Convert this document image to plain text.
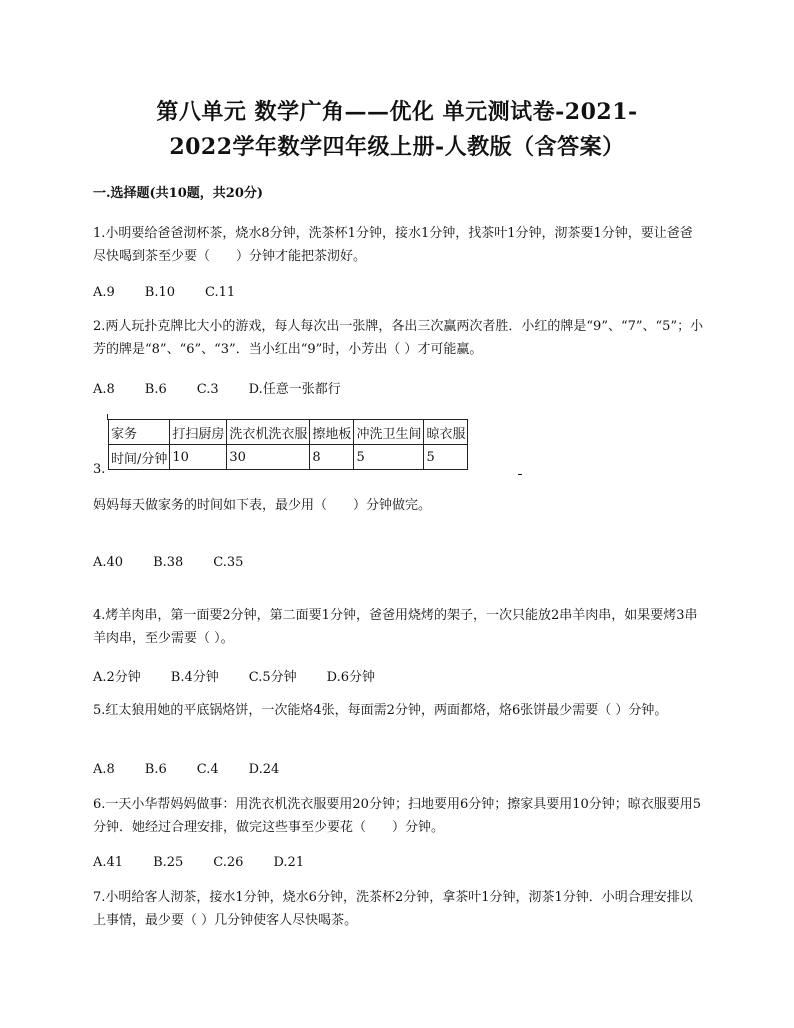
第八单元 数学广角——优化 单元测试卷-2021-
2022学年数学四年级上册-人教版（含答案）
一.选择题(共10题，共20分)
1.小明要给爸爸沏杯茶，烧水8分钟，洗茶杯1分钟，接水1分钟，找茶叶1分钟，沏茶要1分钟，要让爸爸尽快喝到茶至少要（　　）分钟才能把茶沏好。
A.9 B.10 C.11
2.两人玩扑克牌比大小的游戏，每人每次出一张牌，各出三次赢两次者胜．小红的牌是“9”、“7”、“5”；小芳的牌是“8”、“6”、“3”．当小红出“9”时，小芳出（ ）才可能赢。
A.8 B.6 C.3 D.任意一张都行
家务	打扫厨房	洗衣机洗衣服	擦地板	冲洗卫生间	晾衣服
时间/分钟	10	30	8	5	5
3.
妈妈每天做家务的时间如下表，最少用（　　）分钟做完。
A.40 B.38 C.35
4.烤羊肉串，第一面要2分钟，第二面要1分钟，爸爸用烧烤的架子，一次只能放2串羊肉串，如果要烤3串羊肉串，至少需要（ ）。
A.2分钟 B.4分钟 C.5分钟 D.6分钟
5.红太狼用她的平底锅烙饼，一次能烙4张，每面需2分钟，两面都烙，烙6张饼最少需要（ ）分钟。
A.8 B.6 C.4 D.24
6.一天小华帮妈妈做事：用洗衣机洗衣服要用20分钟；扫地要用6分钟；擦家具要用10分钟；晾衣服要用5分钟．她经过合理安排，做完这些事至少要花（　　）分钟。
A.41 B.25 C.26 D.21
7.小明给客人沏茶，接水1分钟，烧水6分钟，洗茶杯2分钟，拿茶叶1分钟，沏茶1分钟．小明合理安排以上事情，最少要（ ）几分钟使客人尽快喝茶。
